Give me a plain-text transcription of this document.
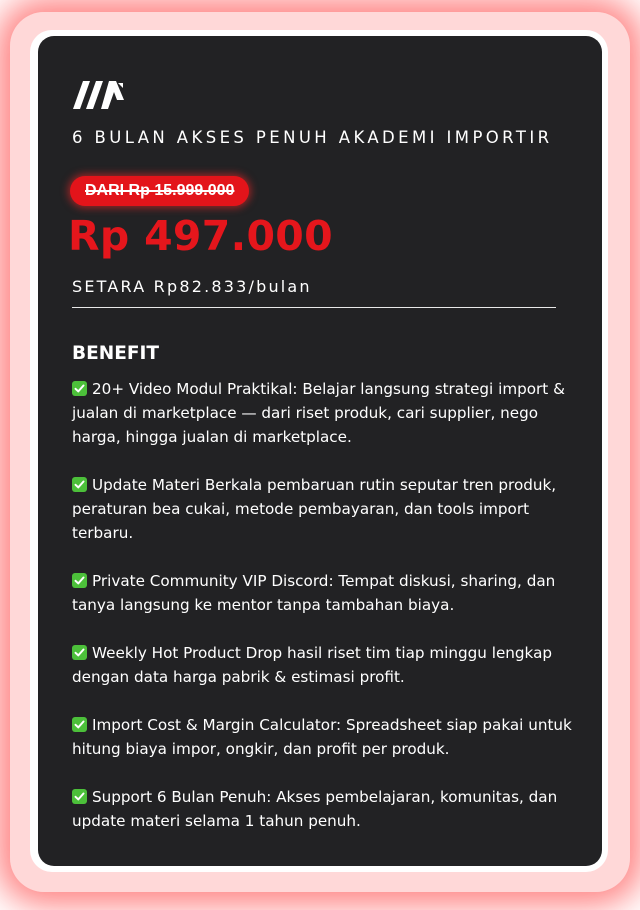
6 BULAN AKSES PENUH AKADEMI IMPORTIR
DARI Rp 15.999.000
Rp 497.000
SETARA Rp82.833/bulan
BENEFIT
20+ Video Modul Praktikal: Belajar langsung strategi import & jualan di marketplace — dari riset produk, cari supplier, nego harga, hingga jualan di marketplace.
Update Materi Berkala pembaruan rutin seputar tren produk, peraturan bea cukai, metode pembayaran, dan tools import terbaru.
Private Community VIP Discord: Tempat diskusi, sharing, dan tanya langsung ke mentor tanpa tambahan biaya.
Weekly Hot Product Drop hasil riset tim tiap minggu lengkap dengan data harga pabrik & estimasi profit.
Import Cost & Margin Calculator: Spreadsheet siap pakai untuk hitung biaya impor, ongkir, dan profit per produk.
Support 6 Bulan Penuh: Akses pembelajaran, komunitas, dan update materi selama 1 tahun penuh.
